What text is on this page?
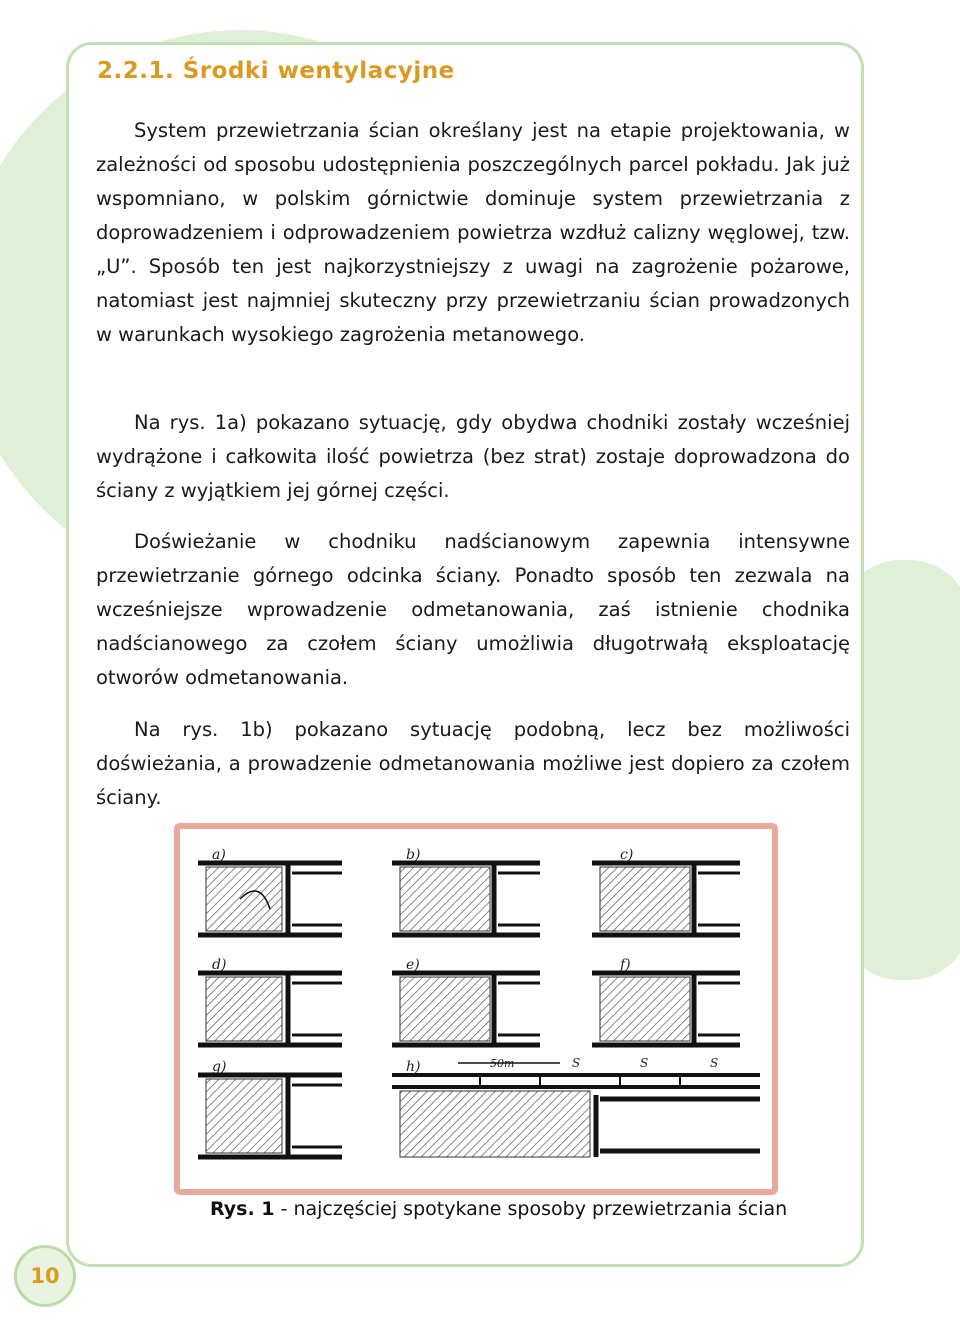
2.2.1. Środki wentylacyjne

System przewietrzania ścian określany jest na etapie projektowania, w zależności od sposobu udostępnienia poszczególnych parcel pokładu. Jak już wspomniano, w polskim górnictwie dominuje system przewietrzania z doprowadzeniem i odprowadzeniem powietrza wzdłuż calizny węglowej, tzw. „U”. Sposób ten jest najkorzystniejszy z uwagi na zagrożenie pożarowe, natomiast jest najmniej skuteczny przy przewietrzaniu ścian prowadzonych w warunkach wysokiego zagrożenia metanowego.

Na rys. 1a) pokazano sytuację, gdy obydwa chodniki zostały wcześniej wydrążone i całkowita ilość powietrza (bez strat) zostaje doprowadzona do ściany z wyjątkiem jej górnej części.

Doświeżanie w chodniku nadścianowym zapewnia intensywne przewietrzanie górnego odcinka ściany. Ponadto sposób ten zezwala na wcześniejsze wprowadzenie odmetanowania, zaś istnienie chodnika nadścianowego za czołem ściany umożliwia długotrwałą eksploatację otworów odmetanowania.

Na rys. 1b) pokazano sytuację podobną, lecz bez możliwości doświeżania, a prowadzenie odmetanowania możliwe jest dopiero za czołem ściany.

a)	b)	c)
d)	e)	f)
g)	h)	50m	S	S	S
Rys. 1 - najczęściej spotykane sposoby przewietrzania ścian
10
